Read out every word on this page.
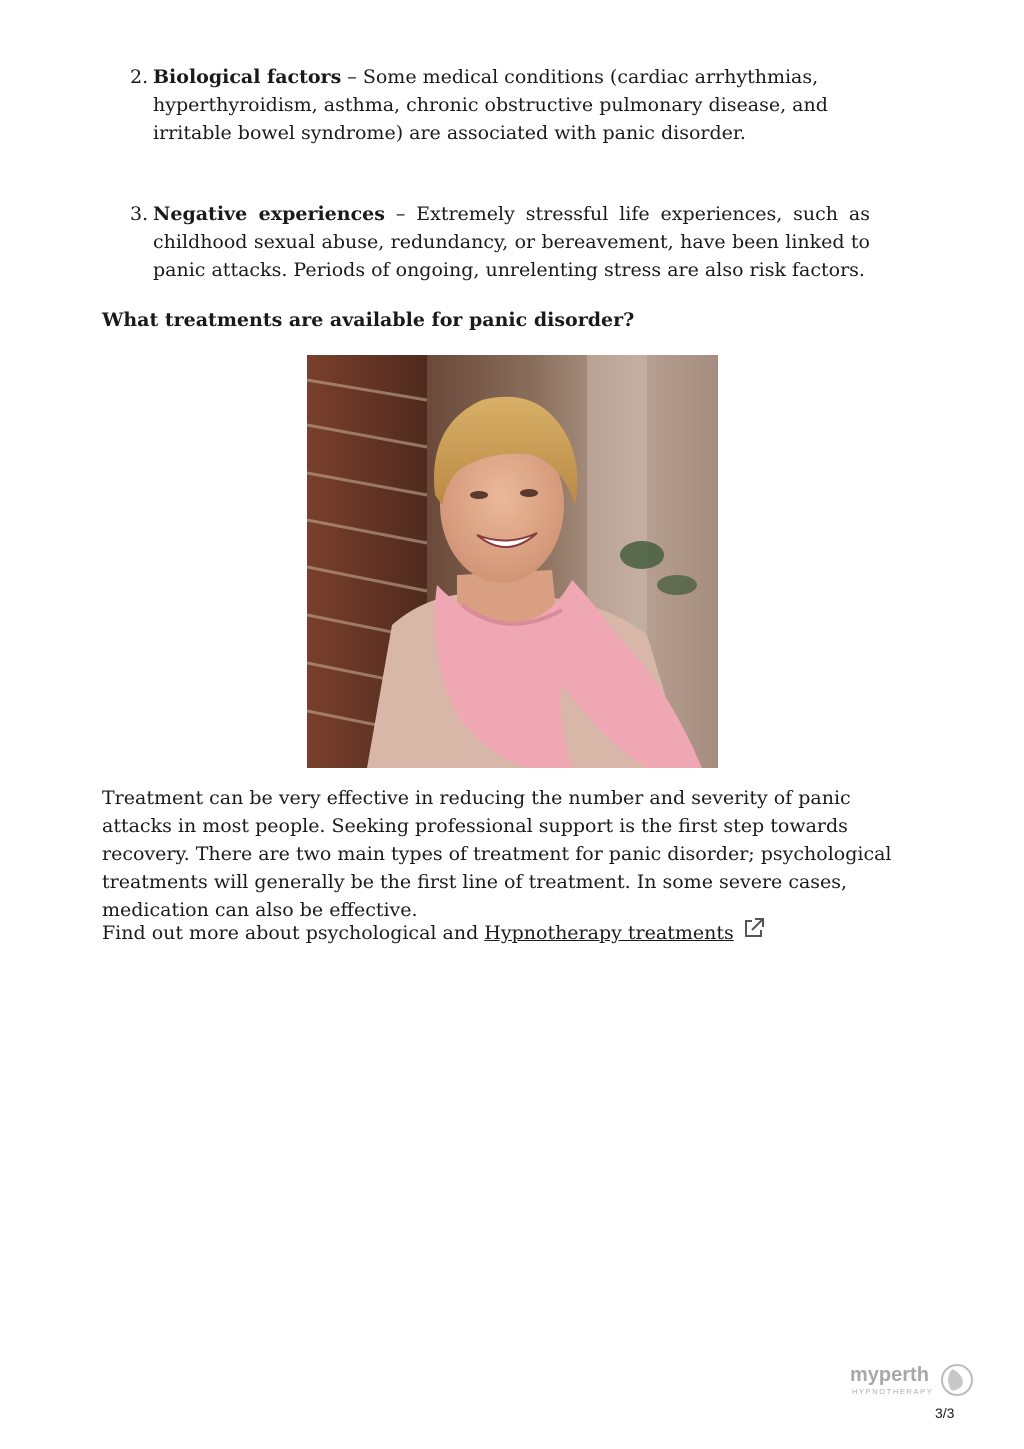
2. Biological factors – Some medical conditions (cardiac arrhythmias, hyperthyroidism, asthma, chronic obstructive pulmonary disease, and irritable bowel syndrome) are associated with panic disorder.
3. Negative experiences – Extremely stressful life experiences, such as childhood sexual abuse, redundancy, or bereavement, have been linked to panic attacks. Periods of ongoing, unrelenting stress are also risk factors.
What treatments are available for panic disorder?
Treatment can be very effective in reducing the number and severity of panic attacks in most people. Seeking professional support is the first step towards recovery. There are two main types of treatment for panic disorder; psychological treatments will generally be the first line of treatment. In some severe cases, medication can also be effective.
Find out more about psychological and Hypnotherapy treatments
myperth
HYPNOTHERAPY
3/3
